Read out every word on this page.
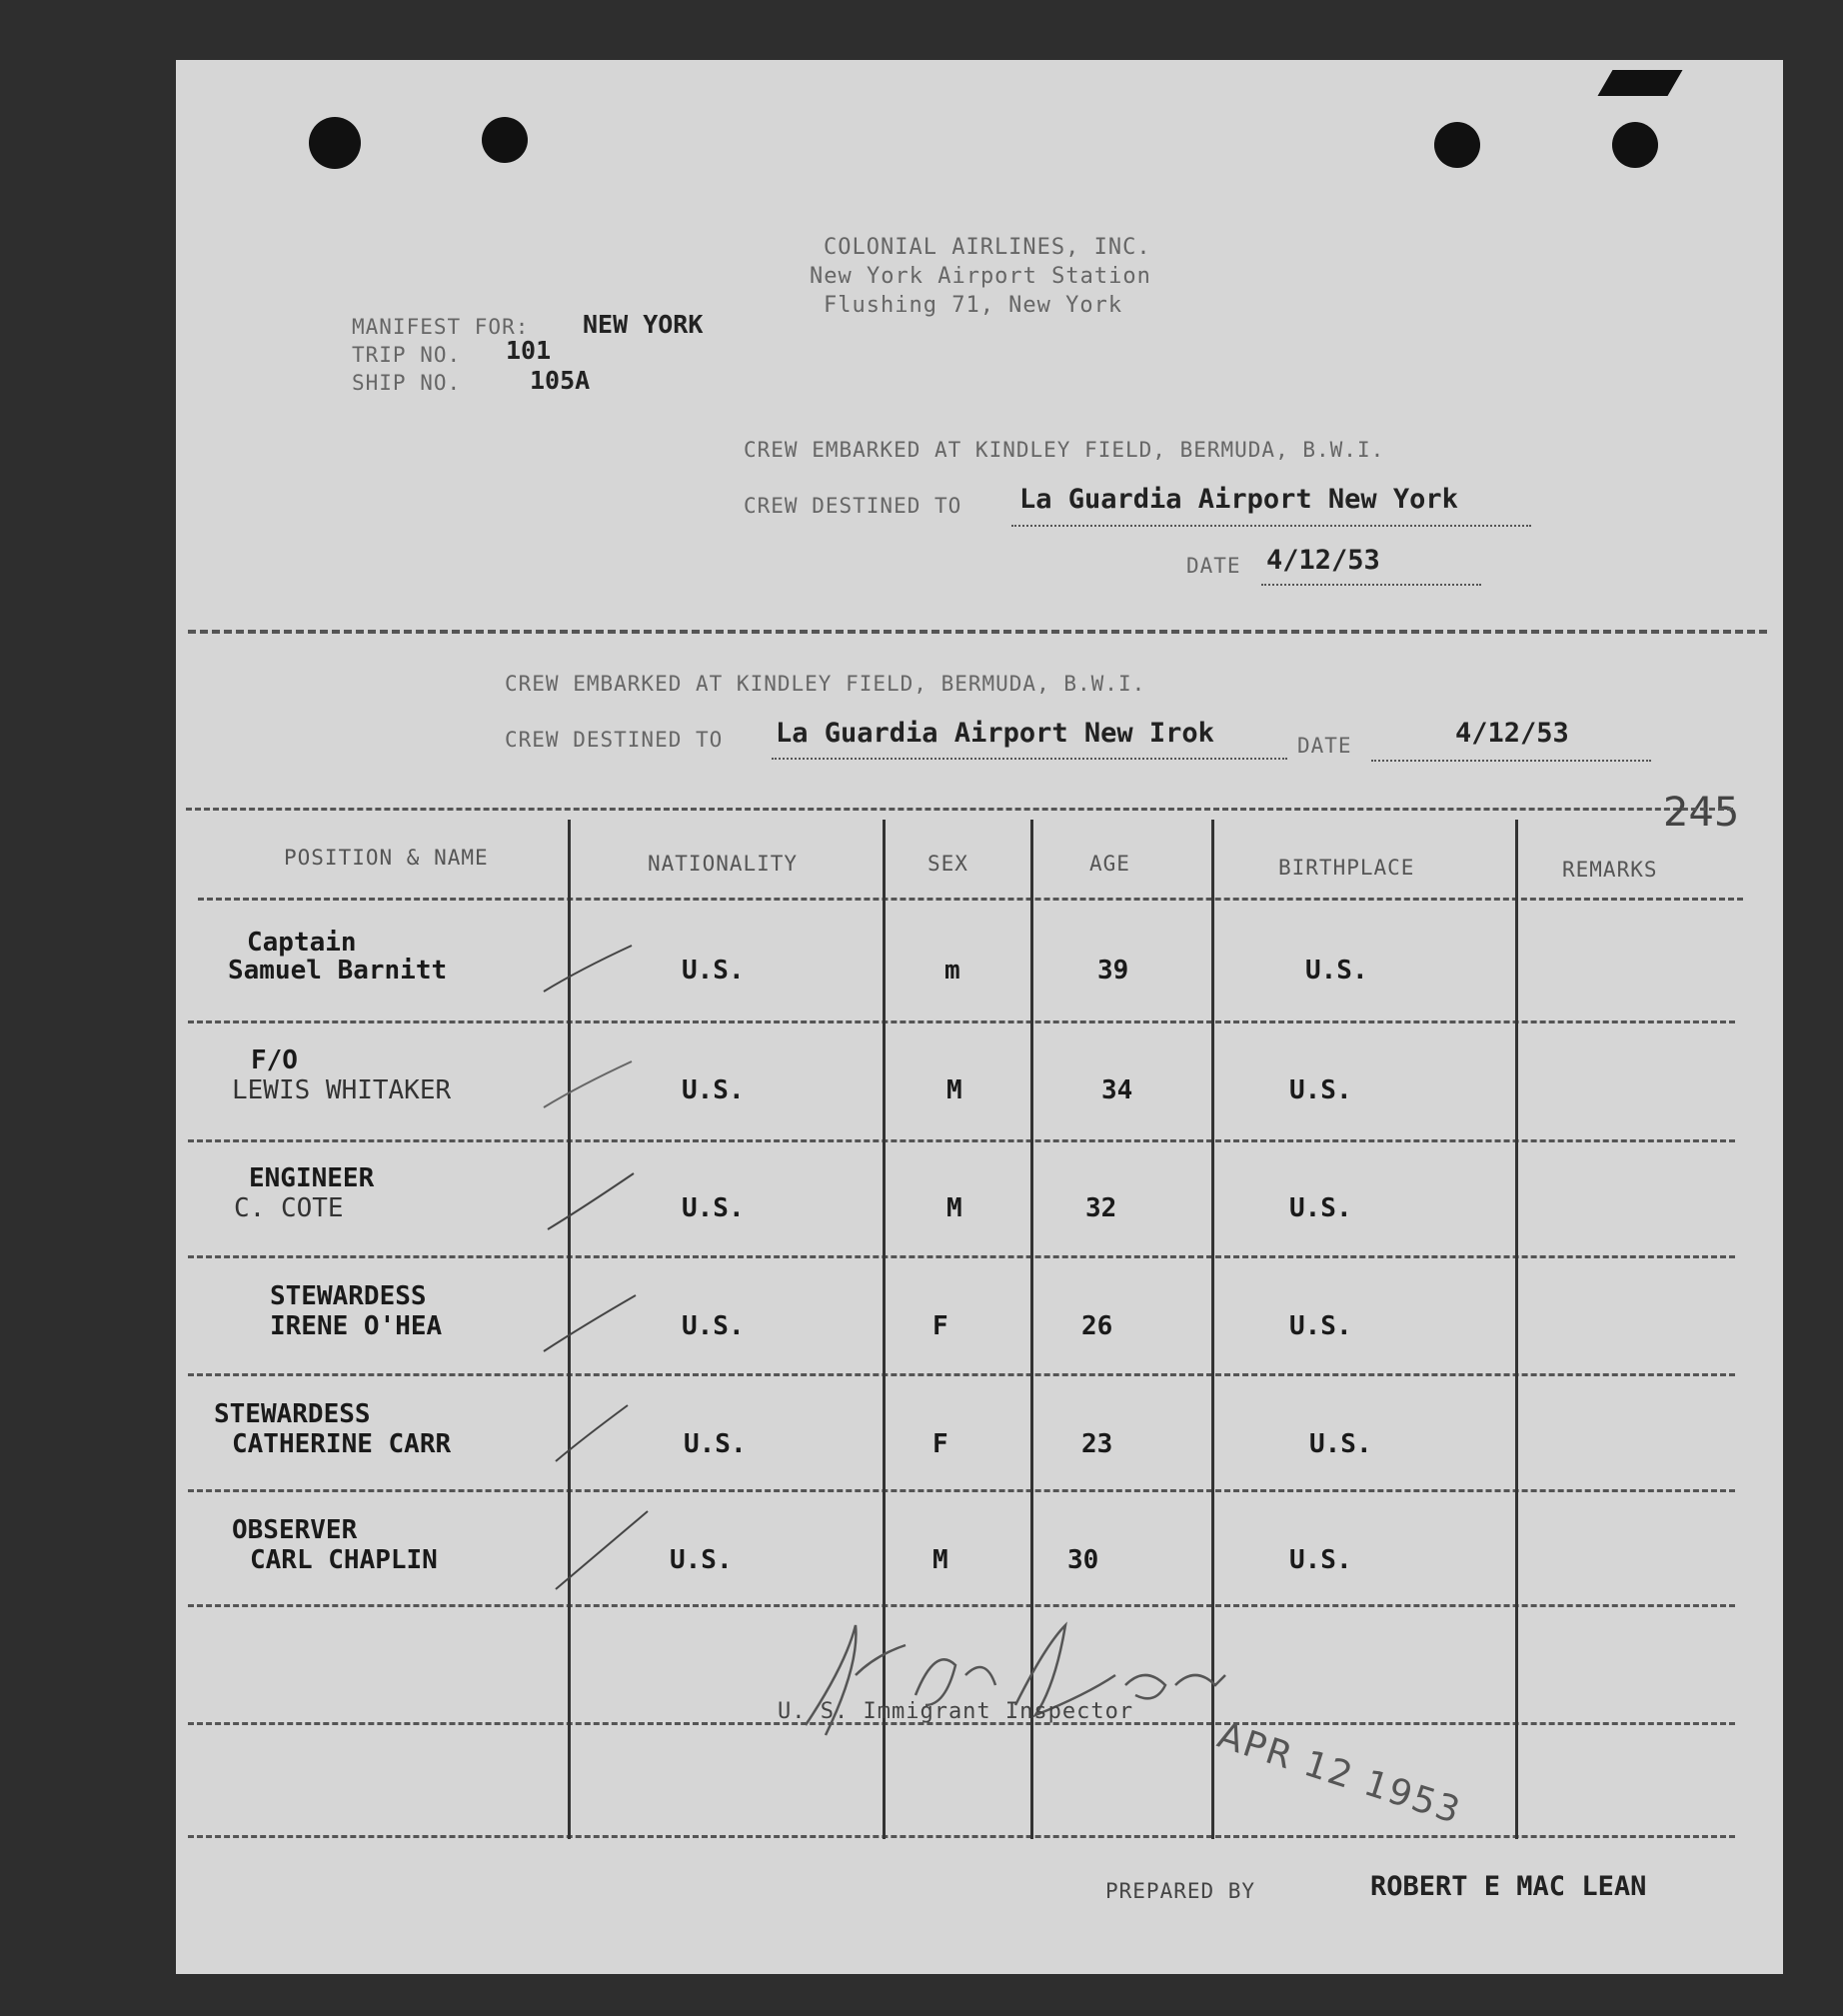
COLONIAL AIRLINES, INC.
New York Airport Station
Flushing 71, New York
MANIFEST FOR: NEW YORK
TRIP NO. 101
SHIP NO.	105A
CREW EMBARKED AT KINDLEY FIELD, BERMUDA, B.W.I.
CREW DESTINED TO La Guardia Airport New York
DATE 4/12/53
CREW EMBARKED AT KINDLEY FIELD, BERMUDA, B.W.I.
CREW DESTINED TO La Guardia Airport New Irok	DATE	4/12/53
245
POSITION & NAME	NATIONALITY	SEX	AGE	BIRTHPLACE	REMARKS
Captain
Samuel Barnitt	U.S.	m	39	U.S.
F/O
LEWIS WHITAKER	U.S.	M	34	U.S.
ENGINEER
C. COTE	U.S.	M	32	U.S.
STEWARDESS
IRENE O'HEA	U.S.	F	26	U.S.
STEWARDESS
CATHERINE CARR	U.S.	F	23	U.S.
OBSERVER
CARL CHAPLIN	U.S.	M	30	U.S.
U. S. Immigrant Inspector
APR 12 1953
PREPARED BY	ROBERT E MAC LEAN
